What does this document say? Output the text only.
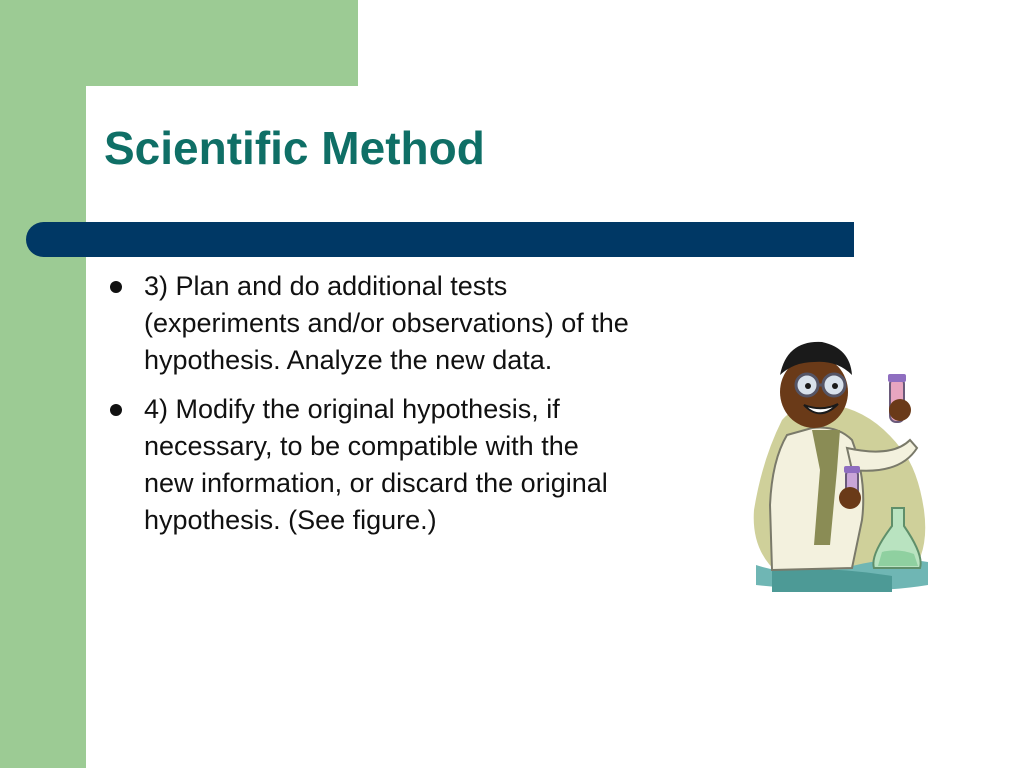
Scientific Method
3) Plan and do additional tests (experiments and/or observations) of the hypothesis. Analyze the new data.
4) Modify the original hypothesis, if necessary, to be compatible with the new information, or discard the original hypothesis. (See figure.)
